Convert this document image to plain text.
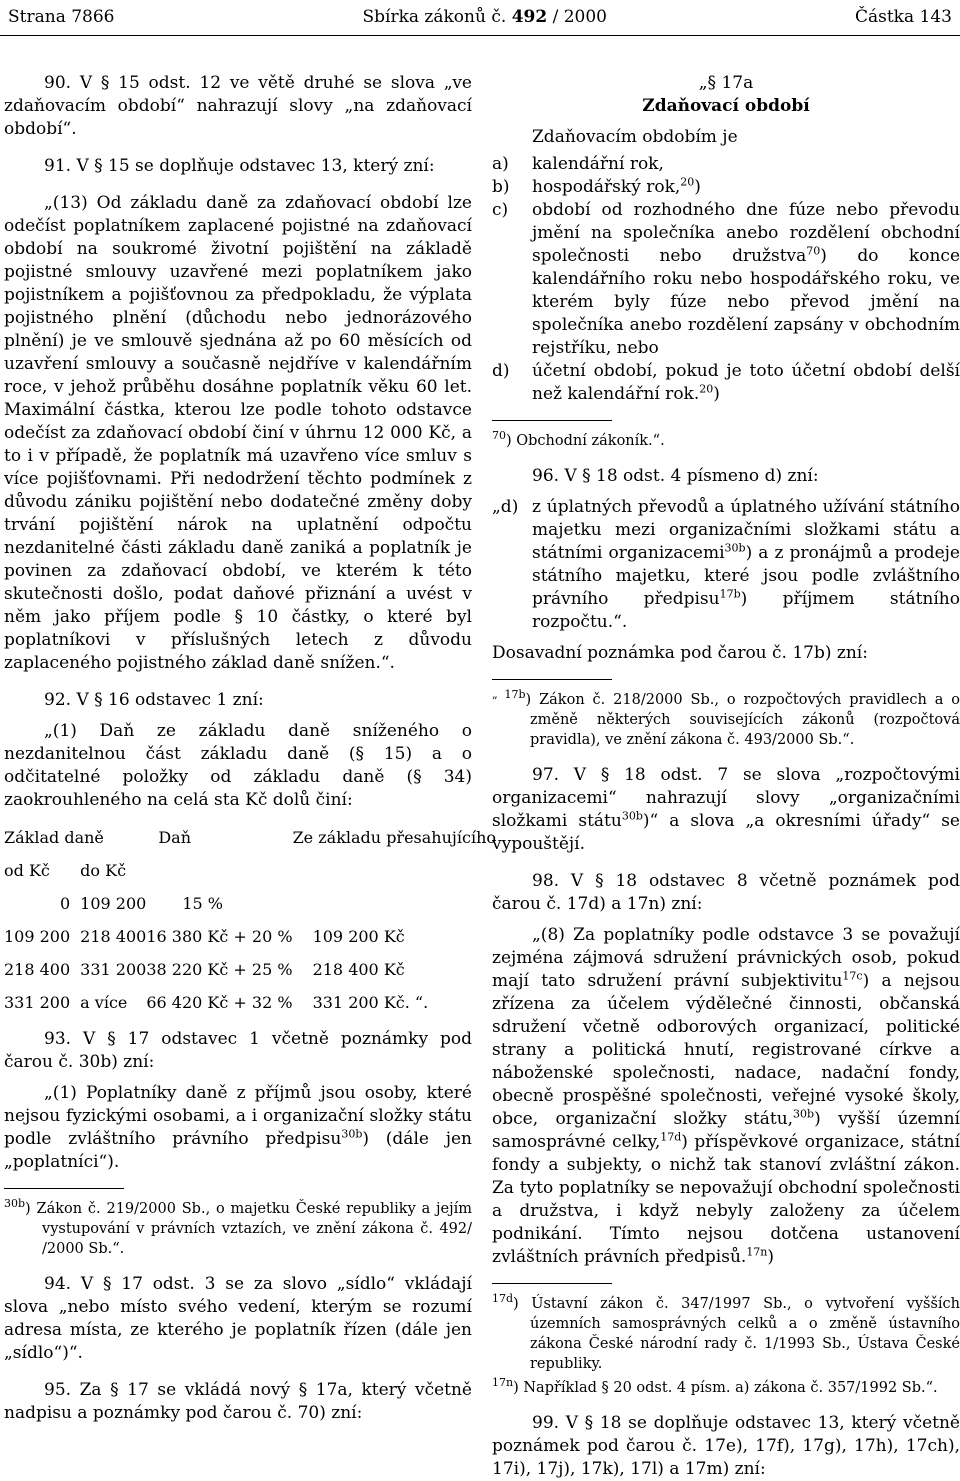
Strana 7866	Sbírka zákonů č. 492 / 2000	Částka 143

90. V § 15 odst. 12 ve větě druhé se slova „ve zdaňovacím období“ nahrazují slovy „na zdaňovací období“.

91. V § 15 se doplňuje odstavec 13, který zní:

„(13) Od základu daně za zdaňovací období lze odečíst poplatníkem zaplacené pojistné na zdaňovací období na soukromé životní pojištění na základě pojistné smlouvy uzavřené mezi poplatníkem jako pojistníkem a pojišťovnou za předpokladu, že výplata pojistného plnění (důchodu nebo jednorázového plnění) je ve smlouvě sjednána až po 60 měsících od uzavření smlouvy a současně nejdříve v kalendářním roce, v jehož průběhu dosáhne poplatník věku 60 let. Maximální částka, kterou lze podle tohoto odstavce odečíst za zdaňovací období činí v úhrnu 12 000 Kč, a to i v případě, že poplatník má uzavřeno více smluv s více pojišťovnami. Při nedodržení těchto podmínek z důvodu zániku pojištění nebo dodatečné změny doby trvání pojištění nárok na uplatnění odpočtu nezdanitelné části základu daně zaniká a poplatník je povinen za zdaňovací období, ve kterém k této skutečnosti došlo, podat daňové přiznání a uvést v něm jako příjem podle § 10 částky, o které byl poplatníkovi v příslušných letech z důvodu zaplaceného pojistného základ daně snížen.“.

92. V § 16 odstavec 1 zní:

„(1) Daň ze základu daně sníženého o nezdanitelnou část základu daně (§ 15) a o odčitatelné položky od základu daně (§ 34) zaokrouhleného na celá sta Kč dolů činí:

Základ daně		Daň	Ze základu přesahujícího
od Kč	do Kč		
0	109 200	15 %	
109 200	218 400	16 380 Kč + 20 %	109 200 Kč
218 400	331 200	38 220 Kč + 25 %	218 400 Kč
331 200	a více	66 420 Kč + 32 %	331 200 Kč. “.

93. V § 17 odstavec 1 včetně poznámky pod čarou č. 30b) zní:

„(1) Poplatníky daně z příjmů jsou osoby, které nejsou fyzickými osobami, a i organizační složky státu podle zvláštního právního předpisu$^{30b}$) (dále jen „poplatníci“).

$^{30b}$) Zákon č. 219/2000 Sb., o majetku České republiky a jejím vystupování v právních vztazích, ve znění zákona č. 492/ /2000 Sb.“.

94. V § 17 odst. 3 se za slovo „sídlo“ vkládají slova „nebo místo svého vedení, kterým se rozumí adresa místa, ze kterého je poplatník řízen (dále jen „sídlo“)“.

95. Za § 17 se vkládá nový § 17a, který včetně nadpisu a poznámky pod čarou č. 70) zní:

„§ 17a

Zdaňovací období

Zdaňovacím obdobím je

a)	kalendářní rok,
b)	hospodářský rok,$^{20}$)
c)	období od rozhodného dne fúze nebo převodu jmění na společníka anebo rozdělení obchodní společnosti nebo družstva$^{70}$) do konce kalendářního roku nebo hospodářského roku, ve kterém byly fúze nebo převod jmění na společníka anebo rozdělení zapsány v obchodním rejstříku, nebo
d)	účetní období, pokud je toto účetní období delší než kalendářní rok.$^{20}$)
$^{70}$) Obchodní zákoník.“.

96. V § 18 odst. 4 písmeno d) zní:

„d) z úplatných převodů a úplatného užívání státního majetku mezi organizačními složkami státu a státními organizacemi$^{30b}$) a z pronájmů a prodeje státního majetku, které jsou podle zvláštního právního předpisu$^{17b}$) příjmem státního rozpočtu.“.

Dosavadní poznámka pod čarou č. 17b) zní:

$^{„ 17b}$) Zákon č. 218/2000 Sb., o rozpočtových pravidlech a o změně některých souvisejících zákonů (rozpočtová pravidla), ve znění zákona č. 493/2000 Sb.“.

97. V § 18 odst. 7 se slova „rozpočtovými organizacemi“ nahrazují slovy „organizačními složkami státu$^{30b}$)“ a slova „a okresními úřady“ se vypouštějí.

98. V § 18 odstavec 8 včetně poznámek pod čarou č. 17d) a 17n) zní:

„(8) Za poplatníky podle odstavce 3 se považují zejména zájmová sdružení právnických osob, pokud mají tato sdružení právní subjektivitu$^{17c}$) a nejsou zřízena za účelem výdělečné činnosti, občanská sdružení včetně odborových organizací, politické strany a politická hnutí, registrované církve a náboženské společnosti, nadace, nadační fondy, obecně prospěšné společnosti, veřejné vysoké školy, obce, organizační složky státu,$^{30b}$) vyšší územní samosprávné celky,$^{17d}$) příspěvkové organizace, státní fondy a subjekty, o nichž tak stanoví zvláštní zákon. Za tyto poplatníky se nepovažují obchodní společnosti a družstva, i když nebyly založeny za účelem podnikání. Tímto nejsou dotčena ustanovení zvláštních právních předpisů.$^{17n}$)

$^{17d}$) Ústavní zákon č. 347/1997 Sb., o vytvoření vyšších územních samosprávných celků a o změně ústavního zákona České národní rady č. 1/1993 Sb., Ústava České republiky.
$^{17n}$) Například § 20 odst. 4 písm. a) zákona č. 357/1992 Sb.“.

99. V § 18 se doplňuje odstavec 13, který včetně poznámek pod čarou č. 17e), 17f), 17g), 17h), 17ch), 17i), 17j), 17k), 17l) a 17m) zní:
